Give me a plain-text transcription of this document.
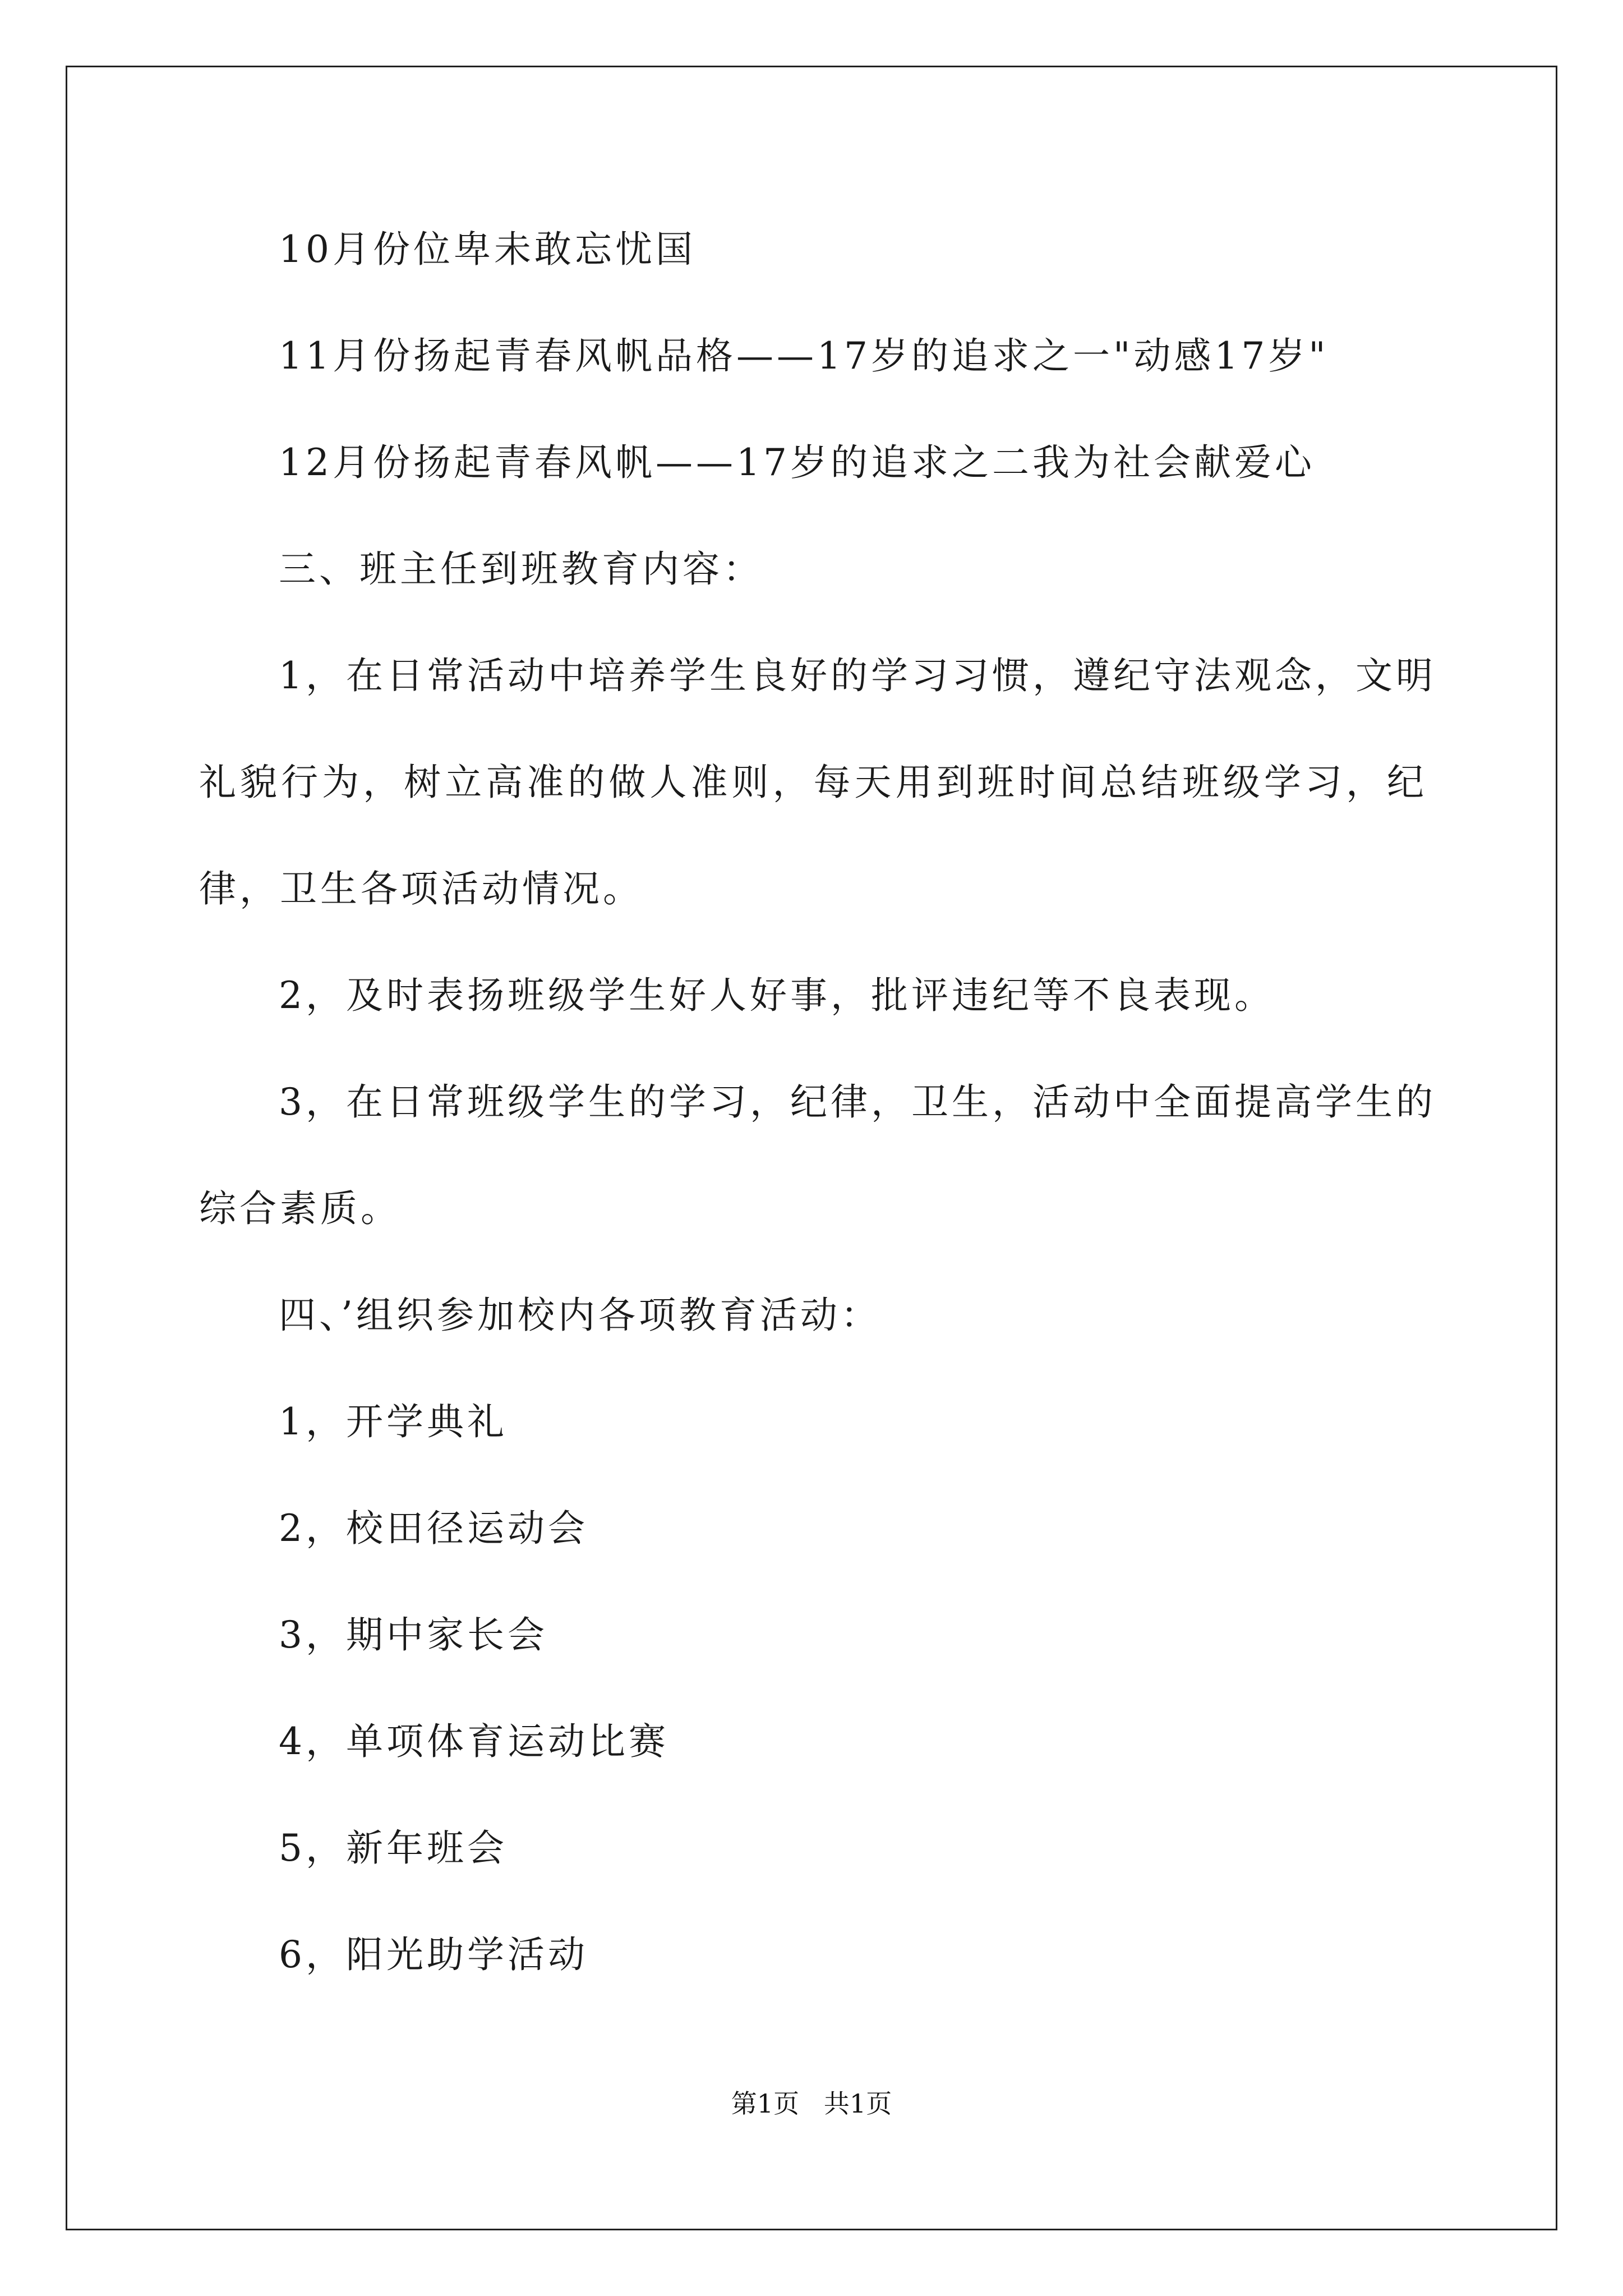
10月份位卑未敢忘忧国
11月份扬起青春风帆品格——17岁的追求之一"动感17岁"
12月份扬起青春风帆——17岁的追求之二我为社会献爱心
三、班主任到班教育内容：
1，在日常活动中培养学生良好的学习习惯，遵纪守法观念，文明
礼貌行为，树立高准的做人准则，每天用到班时间总结班级学习，纪
律，卫生各项活动情况。
2，及时表扬班级学生好人好事，批评违纪等不良表现。
3，在日常班级学生的学习，纪律，卫生，活动中全面提高学生的
综合素质。
四、’组织参加校内各项教育活动：
1，开学典礼
2，校田径运动会
3，期中家长会
4，单项体育运动比赛
5，新年班会
6，阳光助学活动
第1页   共1页
